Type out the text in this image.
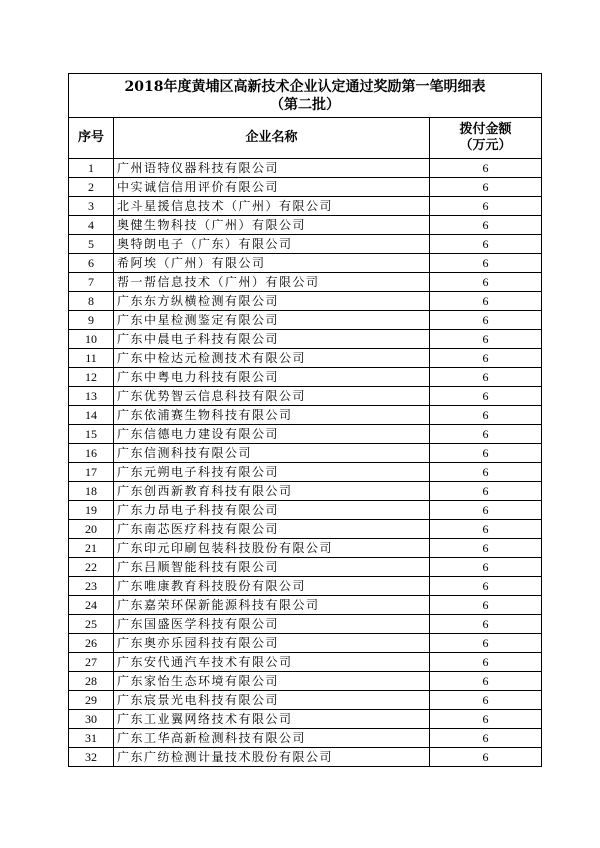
2018年度黄埔区高新技术企业认定通过奖励第一笔明细表
（第二批）		

序号	企业名称	拨付金额
（万元）

1	广州语特仪器科技有限公司	6
2	中实诚信信用评价有限公司	6
3	北斗星援信息技术（广州）有限公司	6
4	奥健生物科技（广州）有限公司	6
5	奥特朗电子（广东）有限公司	6
6	希阿埃（广州）有限公司	6
7	帮一帮信息技术（广州）有限公司	6
8	广东东方纵横检测有限公司	6
9	广东中星检测鉴定有限公司	6
10	广东中晨电子科技有限公司	6
11	广东中检达元检测技术有限公司	6
12	广东中粤电力科技有限公司	6
13	广东优势智云信息科技有限公司	6
14	广东依浦赛生物科技有限公司	6
15	广东信德电力建设有限公司	6
16	广东信测科技有限公司	6
17	广东元朔电子科技有限公司	6
18	广东创西新教育科技有限公司	6
19	广东力昂电子科技有限公司	6
20	广东南芯医疗科技有限公司	6
21	广东印元印刷包装科技股份有限公司	6
22	广东吕顺智能科技有限公司	6
23	广东唯康教育科技股份有限公司	6
24	广东嘉荣环保新能源科技有限公司	6
25	广东国盛医学科技有限公司	6
26	广东奥亦乐园科技有限公司	6
27	广东安代通汽车技术有限公司	6
28	广东家怡生态环境有限公司	6
29	广东宸景光电科技有限公司	6
30	广东工业翼网络技术有限公司	6
31	广东工华高新检测科技有限公司	6
32	广东广纺检测计量技术股份有限公司	6
